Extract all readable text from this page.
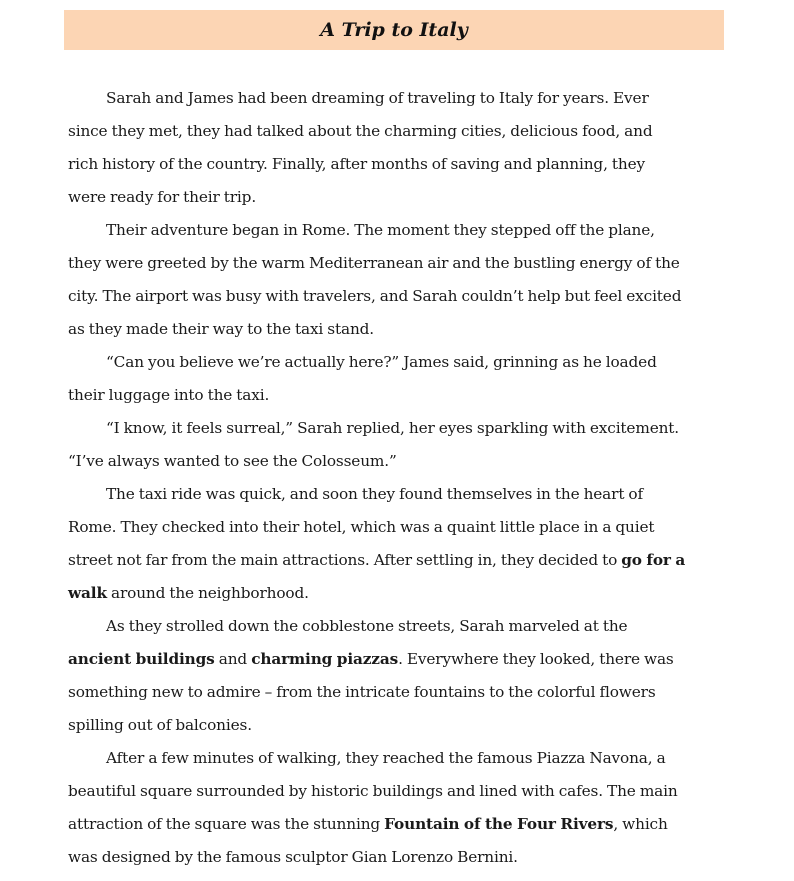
A Trip to Italy
Sarah and James had been dreaming of traveling to Italy for years. Ever
since they met, they had talked about the charming cities, delicious food, and
rich history of the country. Finally, after months of saving and planning, they
were ready for their trip.
Their adventure began in Rome. The moment they stepped off the plane,
they were greeted by the warm Mediterranean air and the bustling energy of the
city. The airport was busy with travelers, and Sarah couldn’t help but feel excited
as they made their way to the taxi stand.
“Can you believe we’re actually here?” James said, grinning as he loaded
their luggage into the taxi.
“I know, it feels surreal,” Sarah replied, her eyes sparkling with excitement.
“I’ve always wanted to see the Colosseum.”
The taxi ride was quick, and soon they found themselves in the heart of
Rome. They checked into their hotel, which was a quaint little place in a quiet
street not far from the main attractions. After settling in, they decided to go for a
walk around the neighborhood.
As they strolled down the cobblestone streets, Sarah marveled at the
ancient buildings and charming piazzas. Everywhere they looked, there was
something new to admire – from the intricate fountains to the colorful flowers
spilling out of balconies.
After a few minutes of walking, they reached the famous Piazza Navona, a
beautiful square surrounded by historic buildings and lined with cafes. The main
attraction of the square was the stunning Fountain of the Four Rivers, which
was designed by the famous sculptor Gian Lorenzo Bernini.
